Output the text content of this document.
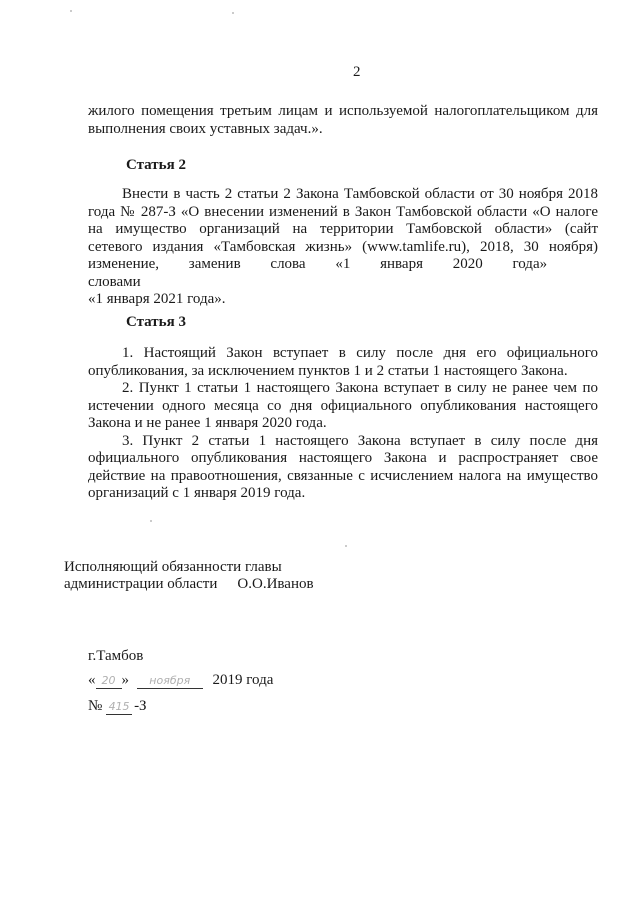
2
жилого помещения третьим лицам и используемой налогоплательщиком для
выполнения своих уставных задач.».
Статья 2
Внести в часть 2 статьи 2 Закона Тамбовской области от 30 ноября 2018
года № 287-З «О внесении изменений в Закон Тамбовской области «О налоге
на имущество организаций на территории Тамбовской области» (сайт
сетевого издания «Тамбовская жизнь» (www.tamlife.ru), 2018, 30 ноября)
изменение, заменив слова «1 января 2020 года» словами
«1 января 2021 года».
Статья 3
1. Настоящий Закон вступает в силу после дня его официального
опубликования, за исключением пунктов 1 и 2 статьи 1 настоящего Закона.
2. Пункт 1 статьи 1 настоящего Закона вступает в силу не ранее чем по
истечении одного месяца со дня официального опубликования настоящего
Закона и не ранее 1 января 2020 года.
3. Пункт 2 статьи 1 настоящего Закона вступает в силу после дня
официального опубликования настоящего Закона и распространяет свое
действие на правоотношения, связанные с исчислением налога на имущество
организаций с 1 января 2019 года.
Исполняющий обязанности главы
администрации области О.О.Иванов
г.Тамбов
« 20 » ноября 2019 года
№ 415 -З
